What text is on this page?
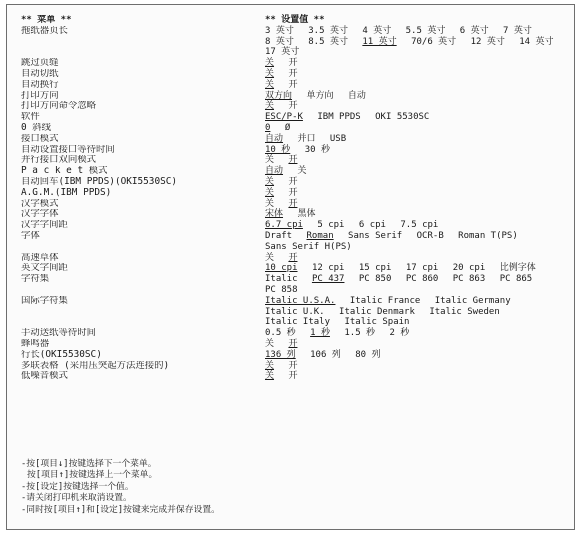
** 菜单 **	** 设置值 **
拖纸器页长	3 英寸 3.5 英寸 4 英寸 5.5 英寸 6 英寸 7 英寸 8 英寸 8.5 英寸 11 英寸 70/6 英寸 12 英寸 14 英寸 17 英寸
跳过页缝	关 开
自动切纸	关 开
自动换行	关 开
打印方向	双方向 单方向 自动
打印方向命令忽略	关 开
软件	ESC/P-K IBM PPDS OKI 5530SC
0 斜线	0 Ø
接口模式	自动 并口 USB
自动设置接口等待时间	10 秒 30 秒
并行接口双向模式	关 开
P a c k e t 模式	自动 关
自动回车(IBM PPDS)(OKI5530SC)	关 开
A.G.M.(IBM PPDS)	关 开
汉字模式	关 开
汉字字体	宋体 黑体
汉字字间距	6.7 cpi 5 cpi 6 cpi 7.5 cpi
字体	Draft Roman Sans Serif OCR-B Roman T(PS) Sans Serif H(PS)
高速草体	关 开
英文字间距	10 cpi 12 cpi 15 cpi 17 cpi 20 cpi 比例字体
字符集	Italic PC 437 PC 850 PC 860 PC 863 PC 865 PC 858
国际字符集	Italic U.S.A. Italic France Italic Germany Italic U.K. Italic Denmark Italic Sweden Italic Italy Italic Spain
手动送纸等待时间	0.5 秒 1 秒 1.5 秒 2 秒
蜂鸣器	关 开
行长(OKI5530SC)	136 列 106 列 80 列
多联表格 (采用压突起方法连接的)	关 开
低噪音模式	关 开
-按[项目↓]按键选择下一个菜单。
按[项目↑]按键选择上一个菜单。
-按[设定]按键选择一个值。
-请关闭打印机来取消设置。
-同时按[项目↑]和[设定]按键来完成并保存设置。
